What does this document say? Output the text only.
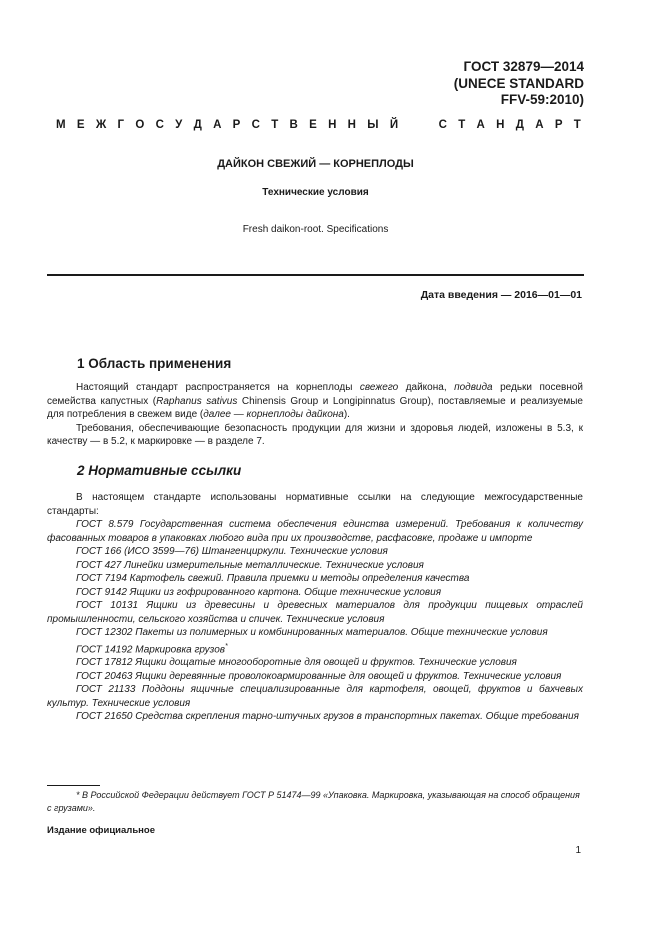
ГОСТ 32879—2014
(UNECE STANDARD
FFV-59:2010)
М Е Ж Г О С У Д А Р С Т В Е Н Н Ы Й	С Т А Н Д А Р Т
ДАЙКОН СВЕЖИЙ — КОРНЕПЛОДЫ
Технические условия
Fresh daikon-root. Specifications
Дата введения — 2016—01—01
1 Область применения

Настоящий стандарт распространяется на корнеплоды свежего дайкона, подвида редьки посевной семейства капустных (Raphanus sativus Chinensis Group и Longipinnatus Group), поставляемые и реализуемые для потребления в свежем виде (далее — корнеплоды дайкона).

Требования, обеспечивающие безопасность продукции для жизни и здоровья людей, изложены в 5.3, к качеству — в 5.2, к маркировке — в разделе 7.

2 Нормативные ссылки

В настоящем стандарте использованы нормативные ссылки на следующие межгосударственные стандарты:

ГОСТ 8.579 Государственная система обеспечения единства измерений. Требования к количеству фасованных товаров в упаковках любого вида при их производстве, расфасовке, продаже и импорте

ГОСТ 166 (ИСО 3599—76) Штангенциркули. Технические условия

ГОСТ 427 Линейки измерительные металлические. Технические условия

ГОСТ 7194 Картофель свежий. Правила приемки и методы определения качества

ГОСТ 9142 Ящики из гофрированного картона. Общие технические условия

ГОСТ 10131 Ящики из древесины и древесных материалов для продукции пищевых отраслей промышленности, сельского хозяйства и спичек. Технические условия

ГОСТ 12302 Пакеты из полимерных и комбинированных материалов. Общие технические условия

ГОСТ 14192 Маркировка грузов*

ГОСТ 17812 Ящики дощатые многооборотные для овощей и фруктов. Технические условия

ГОСТ 20463 Ящики деревянные проволокоармированные для овощей и фруктов. Технические условия

ГОСТ 21133 Поддоны ящичные специализированные для картофеля, овощей, фруктов и бахчевых культур. Технические условия

ГОСТ 21650 Средства скрепления тарно-штучных грузов в транспортных пакетах. Общие требования

* В Российской Федерации действует ГОСТ Р 51474—99 «Упаковка. Маркировка, указывающая на способ обращения с грузами».
Издание официальное
1
